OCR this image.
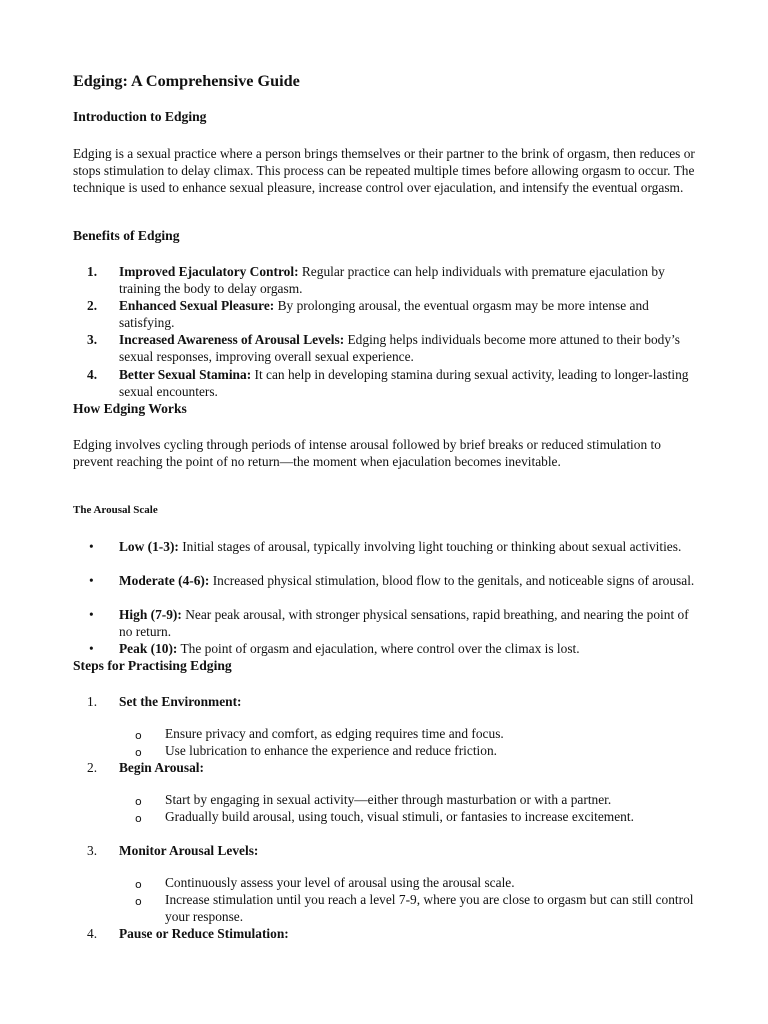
Edging: A Comprehensive Guide
Introduction to Edging

Edging is a sexual practice where a person brings themselves or their partner to the brink of orgasm, then reduces or stops stimulation to delay climax. This process can be repeated multiple times before allowing orgasm to occur. The technique is used to enhance sexual pleasure, increase control over ejaculation, and intensify the eventual orgasm.

Benefits of Edging
1. Improved Ejaculatory Control: Regular practice can help individuals with premature ejaculation by training the body to delay orgasm.
2. Enhanced Sexual Pleasure: By prolonging arousal, the eventual orgasm may be more intense and satisfying.
3. Increased Awareness of Arousal Levels: Edging helps individuals become more attuned to their body’s sexual responses, improving overall sexual experience.
4. Better Sexual Stamina: It can help in developing stamina during sexual activity, leading to longer-lasting sexual encounters.
How Edging Works

Edging involves cycling through periods of intense arousal followed by brief breaks or reduced stimulation to prevent reaching the point of no return—the moment when ejaculation becomes inevitable.

The Arousal Scale
• Low (1-3): Initial stages of arousal, typically involving light touching or thinking about sexual activities.
• Moderate (4-6): Increased physical stimulation, blood flow to the genitals, and noticeable signs of arousal.
• High (7-9): Near peak arousal, with stronger physical sensations, rapid breathing, and nearing the point of no return.
• Peak (10): The point of orgasm and ejaculation, where control over the climax is lost.
Steps for Practising Edging
1. Set the Environment:
o Ensure privacy and comfort, as edging requires time and focus.
o Use lubrication to enhance the experience and reduce friction.
2. Begin Arousal:
o Start by engaging in sexual activity—either through masturbation or with a partner.
o Gradually build arousal, using touch, visual stimuli, or fantasies to increase excitement.
3. Monitor Arousal Levels:
o Continuously assess your level of arousal using the arousal scale.
o Increase stimulation until you reach a level 7-9, where you are close to orgasm but can still control your response.
4. Pause or Reduce Stimulation:
